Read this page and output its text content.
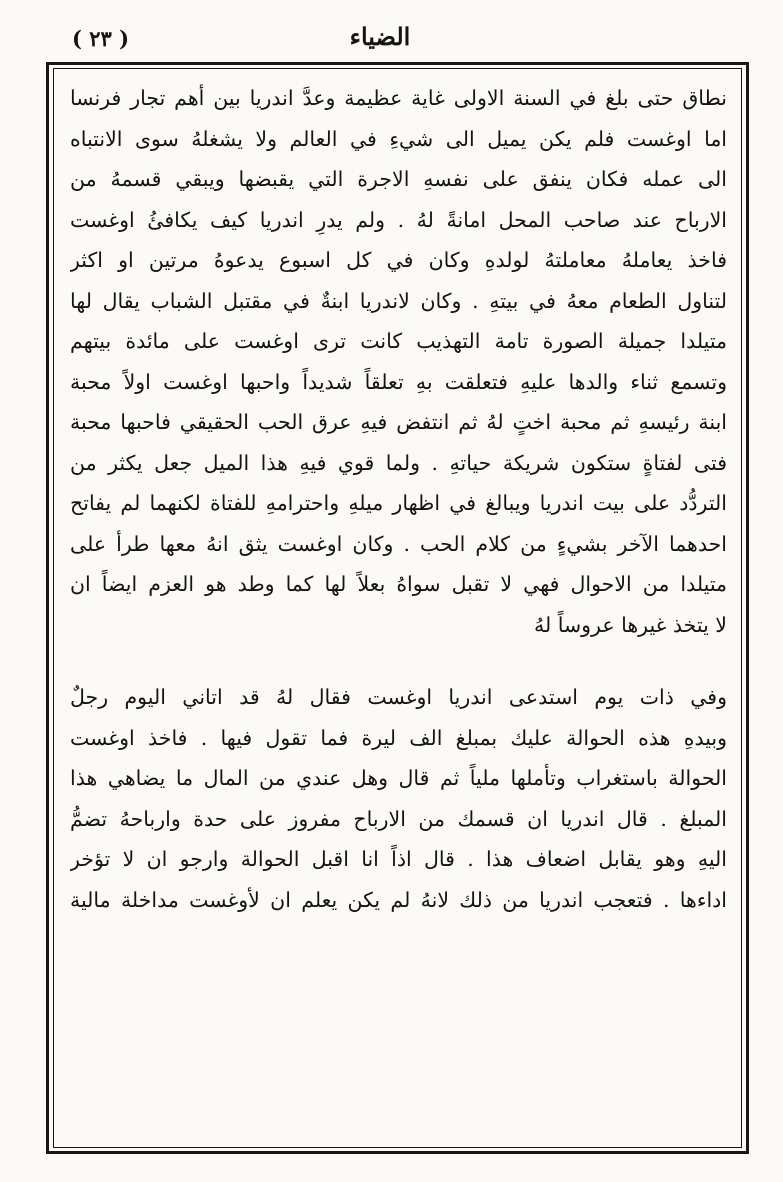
( ٢٣ )	الضياء
نطاق حتى بلغ في السنة الاولى غاية عظيمة وعدَّ اندريا بين أهم تجار فرنسا
اما اوغست فلم يكن يميل الى شيءِ في العالم ولا يشغلهُ سوى الانتباه
الى عمله فكان ينفق على نفسهِ الاجرة التي يقبضها ويبقي قسمهُ من
الارباح عند صاحب المحل امانةً لهُ . ولم يدرِ اندريا كيف يكافئُ اوغست
فاخذ يعاملهُ معاملتهُ لولدهِ وكان في كل اسبوع يدعوهُ مرتين او اكثر
لتناول الطعام معهُ في بيتهِ . وكان لاندريا ابنةٌ في مقتبل الشباب يقال لها
متيلدا جميلة الصورة تامة التهذيب كانت ترى اوغست على مائدة بيتهم
وتسمع ثناء والدها عليهِ فتعلقت بهِ تعلقاً شديداً واحبها اوغست اولاً محبة
ابنة رئيسهِ ثم محبة اختٍ لهُ ثم انتفض فيهِ عرق الحب الحقيقي فاحبها محبة
فتى لفتاةٍ ستكون شريكة حياتهِ . ولما قوي فيهِ هذا الميل جعل يكثر من
التردُّد على بيت اندريا ويبالغ في اظهار ميلهِ واحترامهِ للفتاة لكنهما لم يفاتح
احدهما الآخر بشيءٍ من كلام الحب . وكان اوغست يثق انهُ معها طرأ على
متيلدا من الاحوال فهي لا تقبل سواهُ بعلاً لها كما وطد هو العزم ايضاً ان
لا يتخذ غيرها عروساً لهُ
وفي ذات يوم استدعى اندريا اوغست فقال لهُ قد اتاني اليوم رجلٌ
وبيدهِ هذه الحوالة عليك بمبلغ الف ليرة فما تقول فيها . فاخذ اوغست
الحوالة باستغراب وتأملها ملياً ثم قال وهل عندي من المال ما يضاهي هذا
المبلغ . قال اندريا ان قسمك من الارباح مفروز على حدة وارباحهُ تضمُّ
اليهِ وهو يقابل اضعاف هذا . قال اذاً انا اقبل الحوالة وارجو ان لا تؤخر
اداءها . فتعجب اندريا من ذلك لانهُ لم يكن يعلم ان لأوغست مداخلة مالية
